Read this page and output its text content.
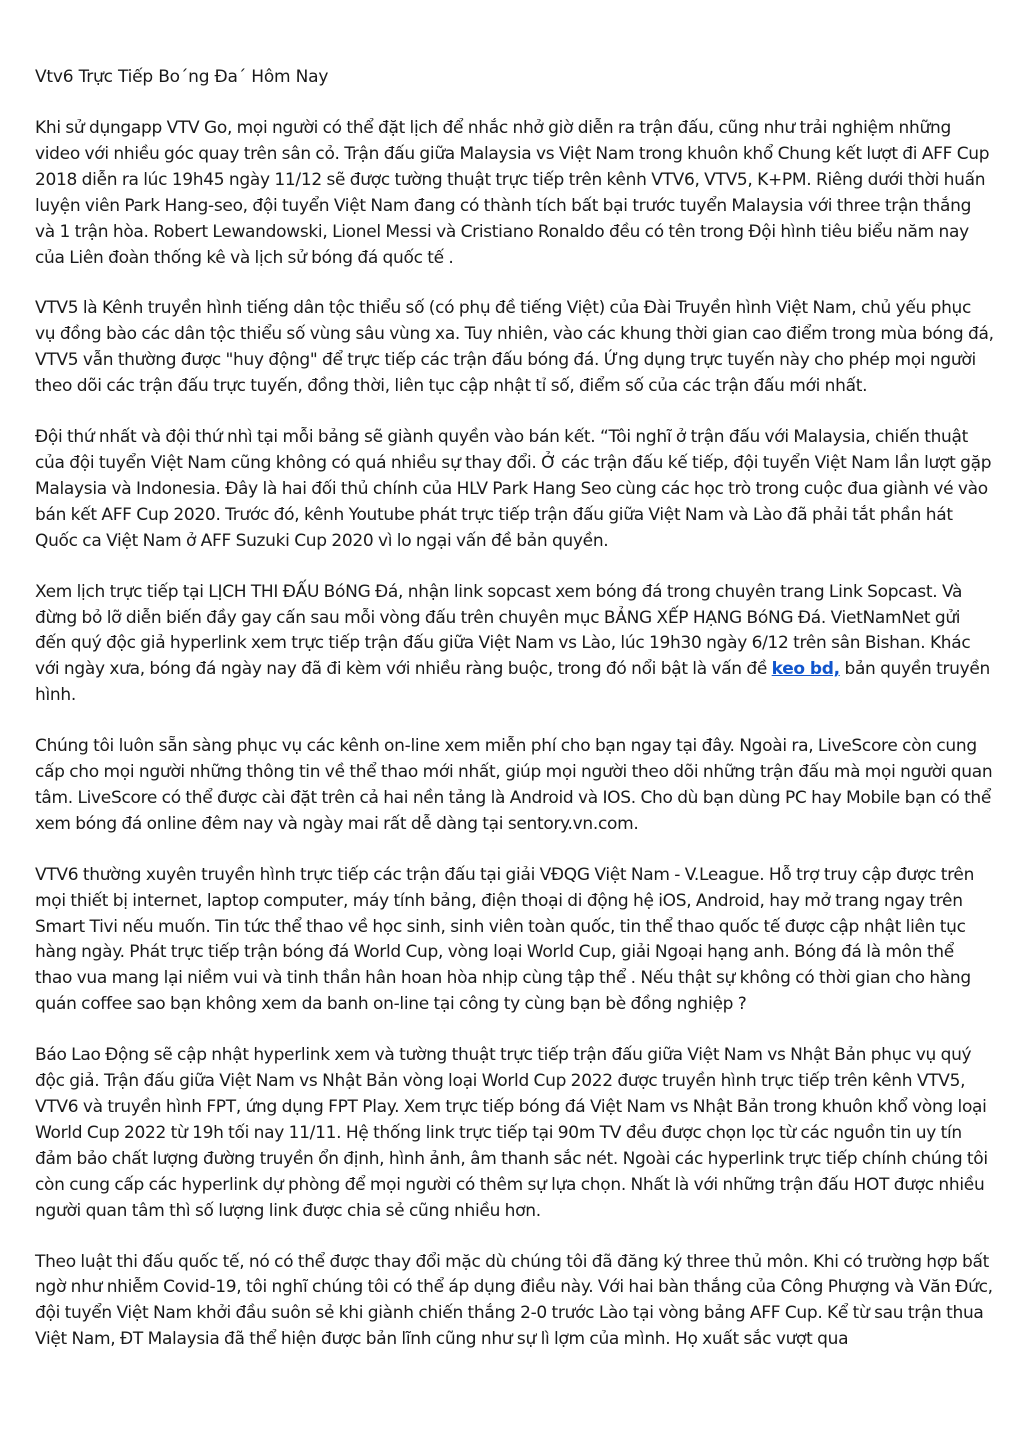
Vtv6 Trực Tiếp Bo´ng Đa´ Hôm Nay

Khi sử dụngapp VTV Go, mọi người có thể đặt lịch để nhắc nhở giờ diễn ra trận đấu, cũng như trải nghiệm những video với nhiều góc quay trên sân cỏ. Trận đấu giữa Malaysia vs Việt Nam trong khuôn khổ Chung kết lượt đi AFF Cup 2018 diễn ra lúc 19h45 ngày 11/12 sẽ được tường thuật trực tiếp trên kênh VTV6, VTV5, K+PM. Riêng dưới thời huấn luyện viên Park Hang-seo, đội tuyển Việt Nam đang có thành tích bất bại trước tuyển Malaysia với three trận thắng và 1 trận hòa. Robert Lewandowski, Lionel Messi và Cristiano Ronaldo đều có tên trong Đội hình tiêu biểu năm nay của Liên đoàn thống kê và lịch sử bóng đá quốc tế .

VTV5 là Kênh truyền hình tiếng dân tộc thiểu số (có phụ đề tiếng Việt) của Đài Truyền hình Việt Nam, chủ yếu phục vụ đồng bào các dân tộc thiểu số vùng sâu vùng xa. Tuy nhiên, vào các khung thời gian cao điểm trong mùa bóng đá, VTV5 vẫn thường được "huy động" để trực tiếp các trận đấu bóng đá. Ứng dụng trực tuyến này cho phép mọi người theo dõi các trận đấu trực tuyến, đồng thời, liên tục cập nhật tỉ số, điểm số của các trận đấu mới nhất.

Đội thứ nhất và đội thứ nhì tại mỗi bảng sẽ giành quyền vào bán kết. “Tôi nghĩ ở trận đấu với Malaysia, chiến thuật của đội tuyển Việt Nam cũng không có quá nhiều sự thay đổi. Ở các trận đấu kế tiếp, đội tuyển Việt Nam lần lượt gặp Malaysia và Indonesia. Đây là hai đối thủ chính của HLV Park Hang Seo cùng các học trò trong cuộc đua giành vé vào bán kết AFF Cup 2020. Trước đó, kênh Youtube phát trực tiếp trận đấu giữa Việt Nam và Lào đã phải tắt phần hát Quốc ca Việt Nam ở AFF Suzuki Cup 2020 vì lo ngại vấn đề bản quyền.

Xem lịch trực tiếp tại LỊCH THI ĐẤU BóNG Đá, nhận link sopcast xem bóng đá trong chuyên trang Link Sopcast. Và đừng bỏ lỡ diễn biến đầy gay cấn sau mỗi vòng đấu trên chuyên mục BẢNG XẾP HẠNG BóNG Đá. VietNamNet gửi đến quý độc giả hyperlink xem trực tiếp trận đấu giữa Việt Nam vs Lào, lúc 19h30 ngày 6/12 trên sân Bishan. Khác với ngày xưa, bóng đá ngày nay đã đi kèm với nhiều ràng buộc, trong đó nổi bật là vấn đề keo bd, bản quyền truyền hình.

Chúng tôi luôn sẵn sàng phục vụ các kênh on-line xem miễn phí cho bạn ngay tại đây. Ngoài ra, LiveScore còn cung cấp cho mọi người những thông tin về thể thao mới nhất, giúp mọi người theo dõi những trận đấu mà mọi người quan tâm. LiveScore có thể được cài đặt trên cả hai nền tảng là Android và IOS. Cho dù bạn dùng PC hay Mobile bạn có thể xem bóng đá online đêm nay và ngày mai rất dễ dàng tại sentory.vn.com.

VTV6 thường xuyên truyền hình trực tiếp các trận đấu tại giải VĐQG Việt Nam - V.League. Hỗ trợ truy cập được trên mọi thiết bị internet, laptop computer, máy tính bảng, điện thoại di động hệ iOS, Android, hay mở trang ngay trên Smart Tivi nếu muốn. Tin tức thể thao về học sinh, sinh viên toàn quốc, tin thể thao quốc tế được cập nhật liên tục hàng ngày. Phát trực tiếp trận bóng đá World Cup, vòng loại World Cup, giải Ngoại hạng anh. Bóng đá là môn thể thao vua mang lại niềm vui và tinh thần hân hoan hòa nhịp cùng tập thể . Nếu thật sự không có thời gian cho hàng quán coffee sao bạn không xem da banh on-line tại công ty cùng bạn bè đồng nghiệp ?

Báo Lao Động sẽ cập nhật hyperlink xem và tường thuật trực tiếp trận đấu giữa Việt Nam vs Nhật Bản phục vụ quý độc giả. Trận đấu giữa Việt Nam vs Nhật Bản vòng loại World Cup 2022 được truyền hình trực tiếp trên kênh VTV5, VTV6 và truyền hình FPT, ứng dụng FPT Play. Xem trực tiếp bóng đá Việt Nam vs Nhật Bản trong khuôn khổ vòng loại World Cup 2022 từ 19h tối nay 11/11. Hệ thống link trực tiếp tại 90m TV đều được chọn lọc từ các nguồn tin uy tín đảm bảo chất lượng đường truyền ổn định, hình ảnh, âm thanh sắc nét. Ngoài các hyperlink trực tiếp chính chúng tôi còn cung cấp các hyperlink dự phòng để mọi người có thêm sự lựa chọn. Nhất là với những trận đấu HOT được nhiều người quan tâm thì số lượng link được chia sẻ cũng nhiều hơn.

Theo luật thi đấu quốc tế, nó có thể được thay đổi mặc dù chúng tôi đã đăng ký three thủ môn. Khi có trường hợp bất ngờ như nhiễm Covid-19, tôi nghĩ chúng tôi có thể áp dụng điều này. Với hai bàn thắng của Công Phượng và Văn Đức, đội tuyển Việt Nam khởi đầu suôn sẻ khi giành chiến thắng 2-0 trước Lào tại vòng bảng AFF Cup. Kể từ sau trận thua Việt Nam, ĐT Malaysia đã thể hiện được bản lĩnh cũng như sự lì lợm của mình. Họ xuất sắc vượt qua
